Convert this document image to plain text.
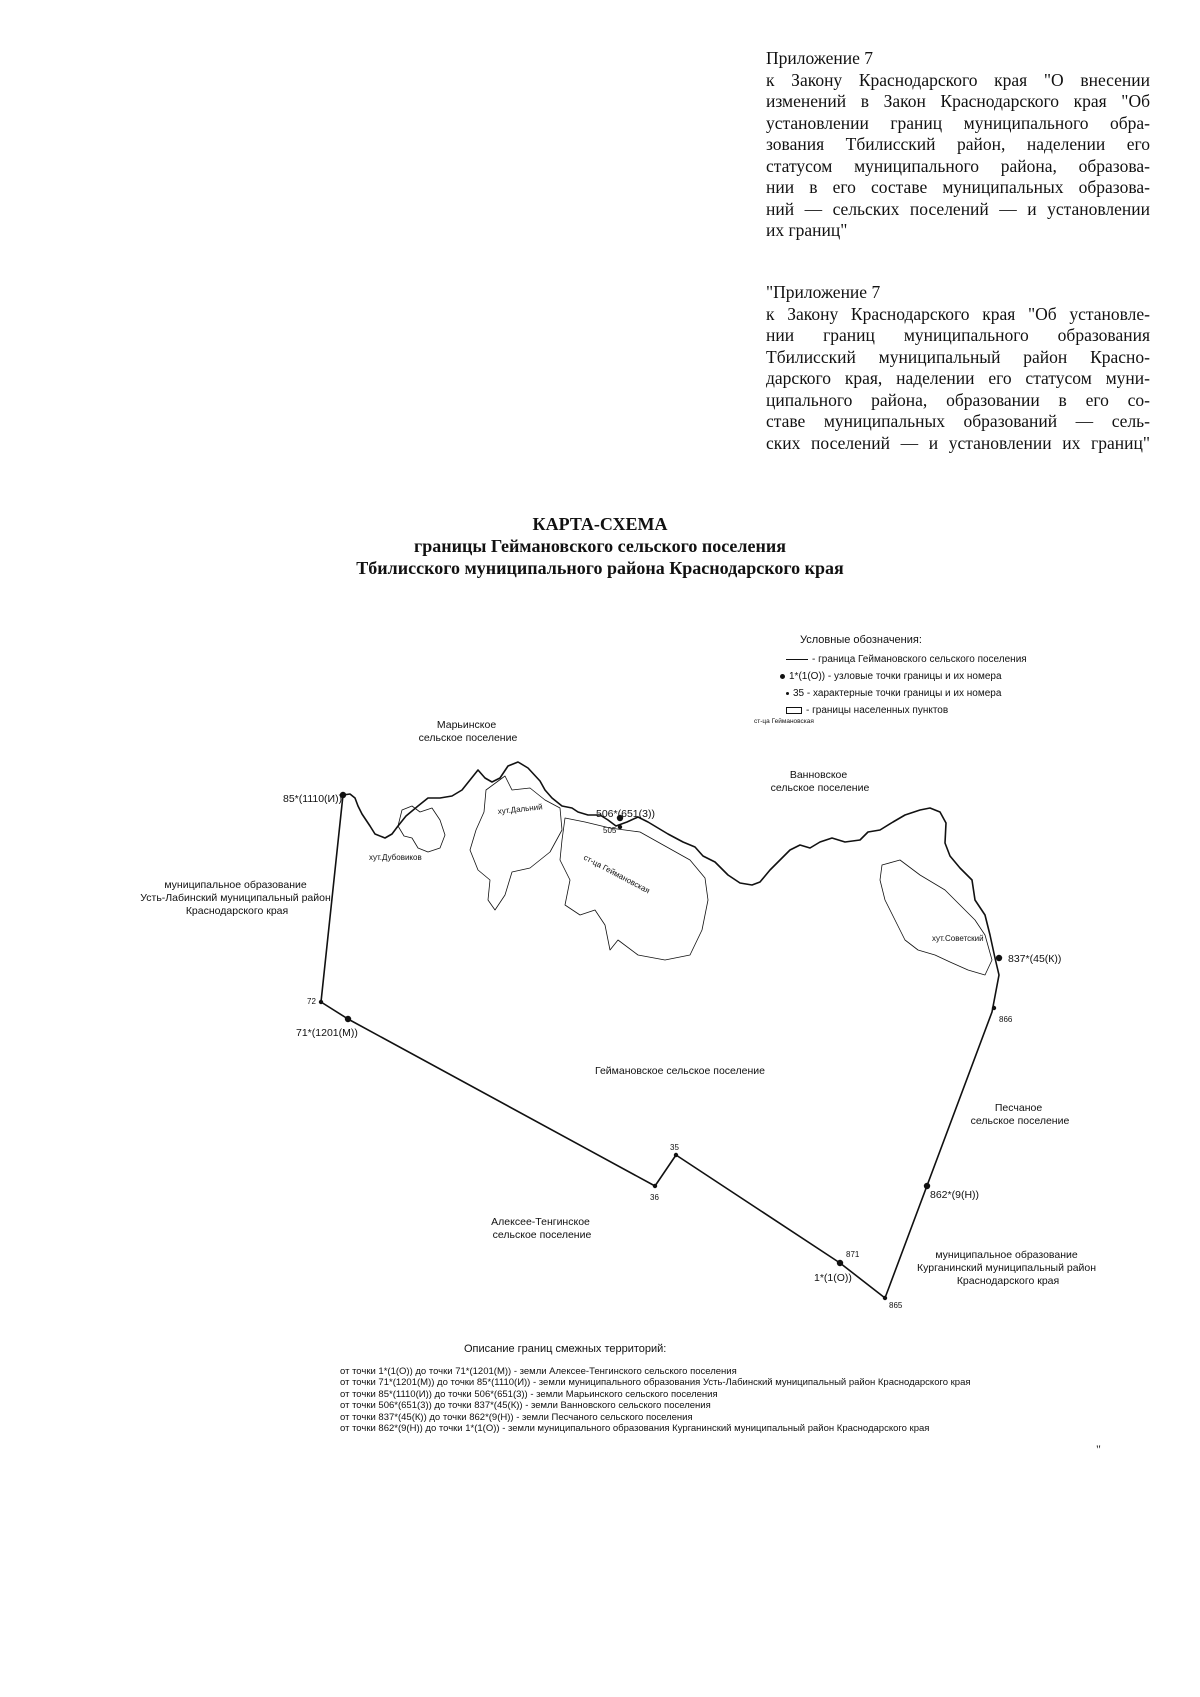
Приложение 7
к Закону Краснодарского края "О внесении
изменений в Закон Краснодарского края "Об
установлении границ муниципального обра-
зования Тбилисский район, наделении его
статусом муниципального района, образова-
нии в его составе муниципальных образова-
ний — сельских поселений — и установлении
их границ"
"Приложение 7
к Закону Краснодарского края "Об установле-
нии границ муниципального образования
Тбилисский муниципальный район Красно-
дарского края, наделении его статусом муни-
ципального района, образовании в его со-
ставе муниципальных образований — сель-
ских поселений — и установлении их границ"
КАРТА-СХЕМА
границы Геймановского сельского поселения
Тбилисского муниципального района Краснодарского края
Условные обозначения:
- граница Геймановского сельского поселения
1*(1(О)) - узловые точки границы и их номера
35 - характерные точки границы и их номера
- границы населенных пунктов
ст-ца Геймановская
Марьинское сельское поселение
Ванновское сельское поселение
муниципальное образование Усть-Лабинский муниципальный район Краснодарского края
Песчаное сельское поселение
Алексее-Тенгинское сельское поселение
муниципальное образование Курганинский муниципальный район Краснодарского края
Геймановское сельское поселение
хут.Дальний
хут.Дубовиков	ст-ца Геймановская
хут.Советский
85*(1110(И))
506*(651(3))
505
837*(45(К))
866
72
71*(1201(М))
35
36	862*(9(Н))
871
1*(1(О))
865
Описание границ смежных территорий:
от точки 1*(1(О)) до точки 71*(1201(М)) - земли Алексее-Тенгинского сельского поселения
от точки 71*(1201(М)) до точки 85*(1110(И)) - земли муниципального образования Усть-Лабинский муниципальный район Краснодарского края
от точки 85*(1110(И)) до точки 506*(651(3)) - земли Марьинского сельского поселения
от точки 506*(651(3)) до точки 837*(45(К)) - земли Ванновского сельского поселения
от точки 837*(45(К)) до точки 862*(9(Н)) - земли Песчаного сельского поселения
от точки 862*(9(Н)) до точки 1*(1(О)) - земли муниципального образования Курганинский муниципальный район Краснодарского края
"
